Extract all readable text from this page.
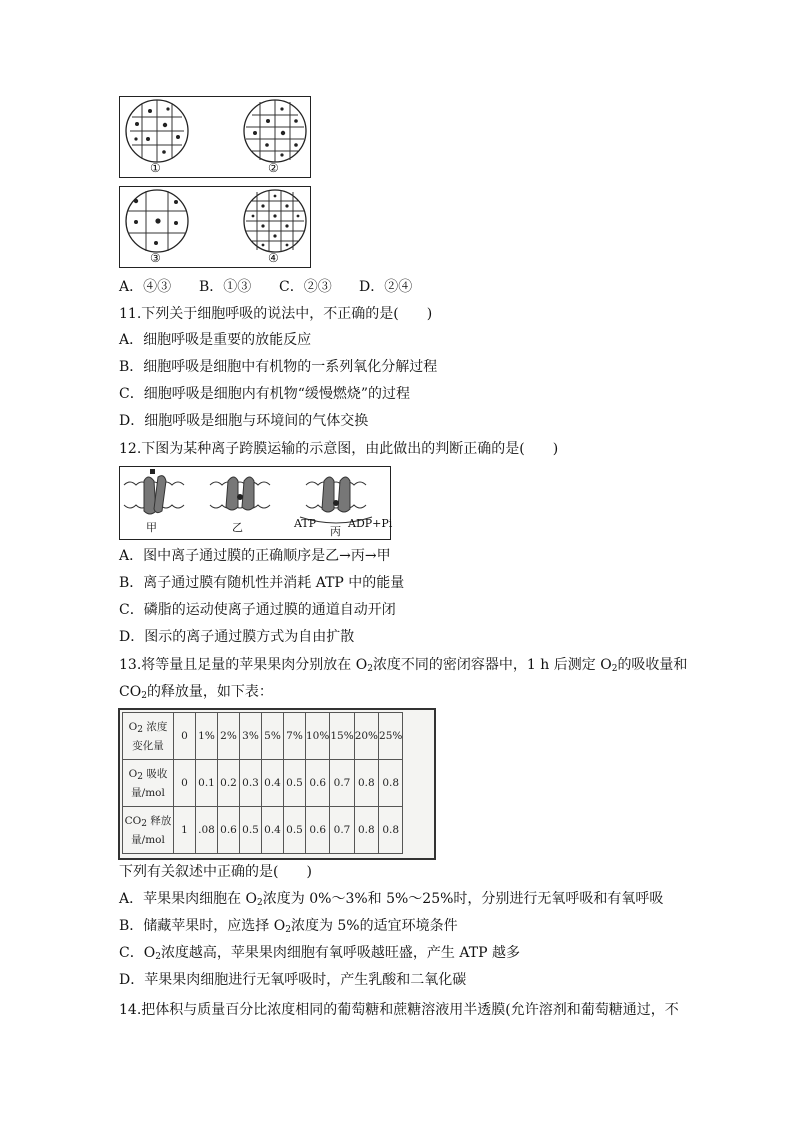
①	②
③	④
A．④③ B．①③ C．②③ D．②④
11.下列关于细胞呼吸的说法中，不正确的是(　　)
A．细胞呼吸是重要的放能反应
B．细胞呼吸是细胞中有机物的一系列氧化分解过程
C．细胞呼吸是细胞内有机物“缓慢燃烧”的过程
D．细胞呼吸是细胞与环境间的气体交换
12.下图为某种离子跨膜运输的示意图，由此做出的判断正确的是(　　)
甲	乙	ATP
丙
ADP+Pi
A．图中离子通过膜的正确顺序是乙→丙→甲
B．离子通过膜有随机性并消耗 ATP 中的能量
C．磷脂的运动使离子通过膜的通道自动开闭
D．图示的离子通过膜方式为自由扩散
13.将等量且足量的苹果果肉分别放在 $O_2$浓度不同的密闭容器中，1 h 后测定 $O_2$的吸收量和
$CO_2$的释放量，如下表：
$O_2$ 浓度
变化量	0	1%	2%	3%	5%	7%	10%	15%	20%	25%
$O_2$ 吸收
量/mol	0	0.1	0.2	0.3	0.4	0.5	0.6	0.7	0.8	0.8
$CO_2$ 释放
量/mol	1	.08	0.6	0.5	0.4	0.5	0.6	0.7	0.8	0.8
下列有关叙述中正确的是(　　)
A．苹果果肉细胞在 $O_2$浓度为 0%～3%和 5%～25%时，分别进行无氧呼吸和有氧呼吸
B．储藏苹果时，应选择 $O_2$浓度为 5%的适宜环境条件
C．$O_2$浓度越高，苹果果肉细胞有氧呼吸越旺盛，产生 ATP 越多
D．苹果果肉细胞进行无氧呼吸时，产生乳酸和二氧化碳
14.把体积与质量百分比浓度相同的葡萄糖和蔗糖溶液用半透膜(允许溶剂和葡萄糖通过，不
